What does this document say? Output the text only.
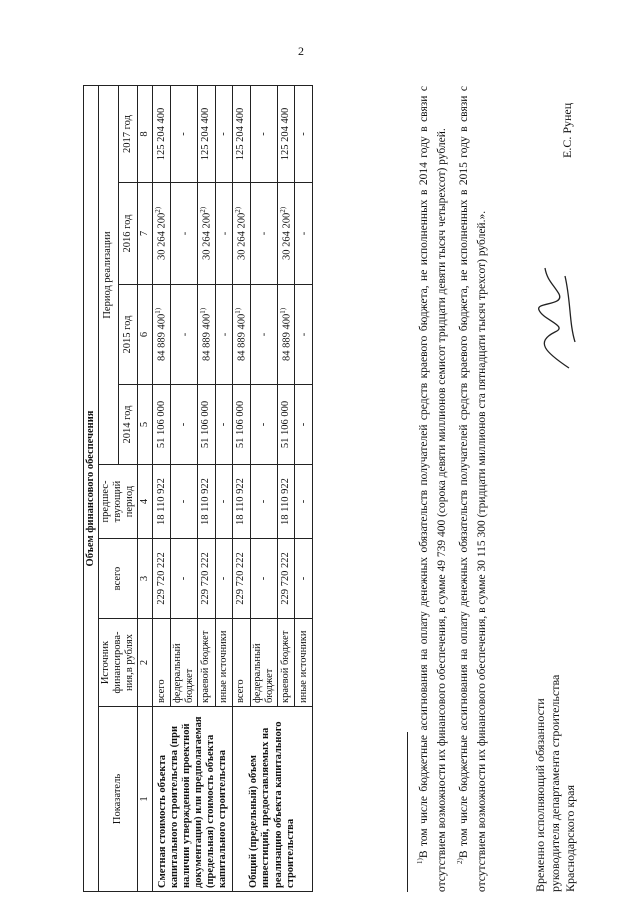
2
Объем финансового обеспечения							
Показатель	Источник финансирова-ния,в рублях	всего	предшес-твующий период	Период реализации			
				2014 год	2015 год	2016 год	2017 год
1	2	3	4	5	6	7	8
Сметная стоимость объекта капитального строительства (при наличии утвержденной проектной документации) или предполагаемая (предельная) стоимость объекта капитального строительства	всего	229 720 222	18 110 922	51 106 000	84 889 400$^{1)}$	30 264 200$^{2)}$	125 204 400
	федеральный бюджет	-	-	-	-	-	-
	краевой бюджет	229 720 222	18 110 922	51 106 000	84 889 400$^{1)}$	30 264 200$^{2)}$	125 204 400
	иные источники	-	-	-	-	-	-
Общий (предельный) объем инвестиций, предоставляемых на реализацию объекта капитального строительства	всего	229 720 222	18 110 922	51 106 000	84 889 400$^{1)}$	30 264 200$^{2)}$	125 204 400
	федеральный бюджет	-	-	-	-	-	-
	краевой бюджет	229 720 222	18 110 922	51 106 000	84 889 400$^{1)}$	30 264 200$^{2)}$	125 204 400
	иные источники	-	-	-	-	-	-

$^{1)}$В том числе бюджетные ассигнования на оплату денежных обязательств получателей средств краевого бюджета, не исполненных в 2014 году в связи с отсутствием возможности их финансового обеспечения, в сумме 49 739 400 (сорока девяти миллионов семисот тридцати девяти тысяч четырехсот) рублей.	$^{2)}$В том числе бюджетные ассигнования на оплату денежных обязательств получателей средств краевого бюджета, не исполненных в 2015 году в связи с отсутствием возможности их финансового обеспечения, в сумме 30 115 300 (тридцати миллионов ста пятнадцати тысяч трехсот) рублей.».	Временно исполняющий обязанности руководителя департамента строительства Краснодарского края
Е.С. Рунец
